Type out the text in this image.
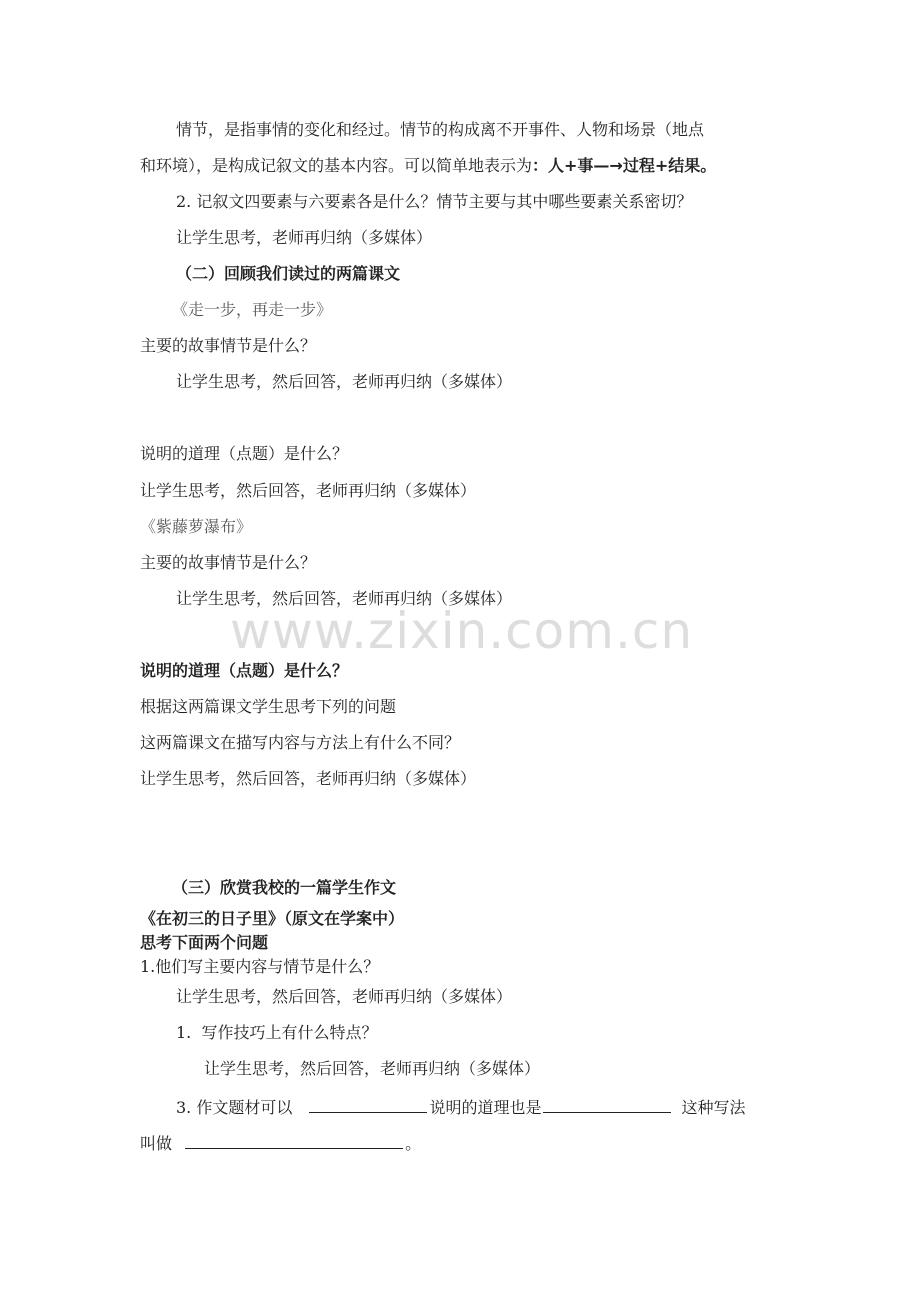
情节，是指事情的变化和经过。情节的构成离不开事件、人物和场景（地点
和环境），是构成记叙文的基本内容。可以简单地表示为：人+事—→过程+结果。
2. 记叙文四要素与六要素各是什么？情节主要与其中哪些要素关系密切？
让学生思考，老师再归纳（多媒体）
（二）回顾我们读过的两篇课文
《走一步，再走一步》
主要的故事情节是什么？
让学生思考，然后回答，老师再归纳（多媒体）
说明的道理（点题）是什么？
让学生思考，然后回答，老师再归纳（多媒体）
《紫藤萝瀑布》
主要的故事情节是什么？
让学生思考，然后回答，老师再归纳（多媒体）
www.zixin.com.cn
说明的道理（点题）是什么？
根据这两篇课文学生思考下列的问题
这两篇课文在描写内容与方法上有什么不同？
让学生思考，然后回答，老师再归纳（多媒体）
（三）欣赏我校的一篇学生作文
《在初三的日子里》（原文在学案中）
思考下面两个问题
1.他们写主要内容与情节是什么？
让学生思考，然后回答，老师再归纳（多媒体）
1.  写作技巧上有什么特点？
让学生思考，然后回答，老师再归纳（多媒体）
3. 作文题材可以	说明的道理也是	这种写法
叫做	。
